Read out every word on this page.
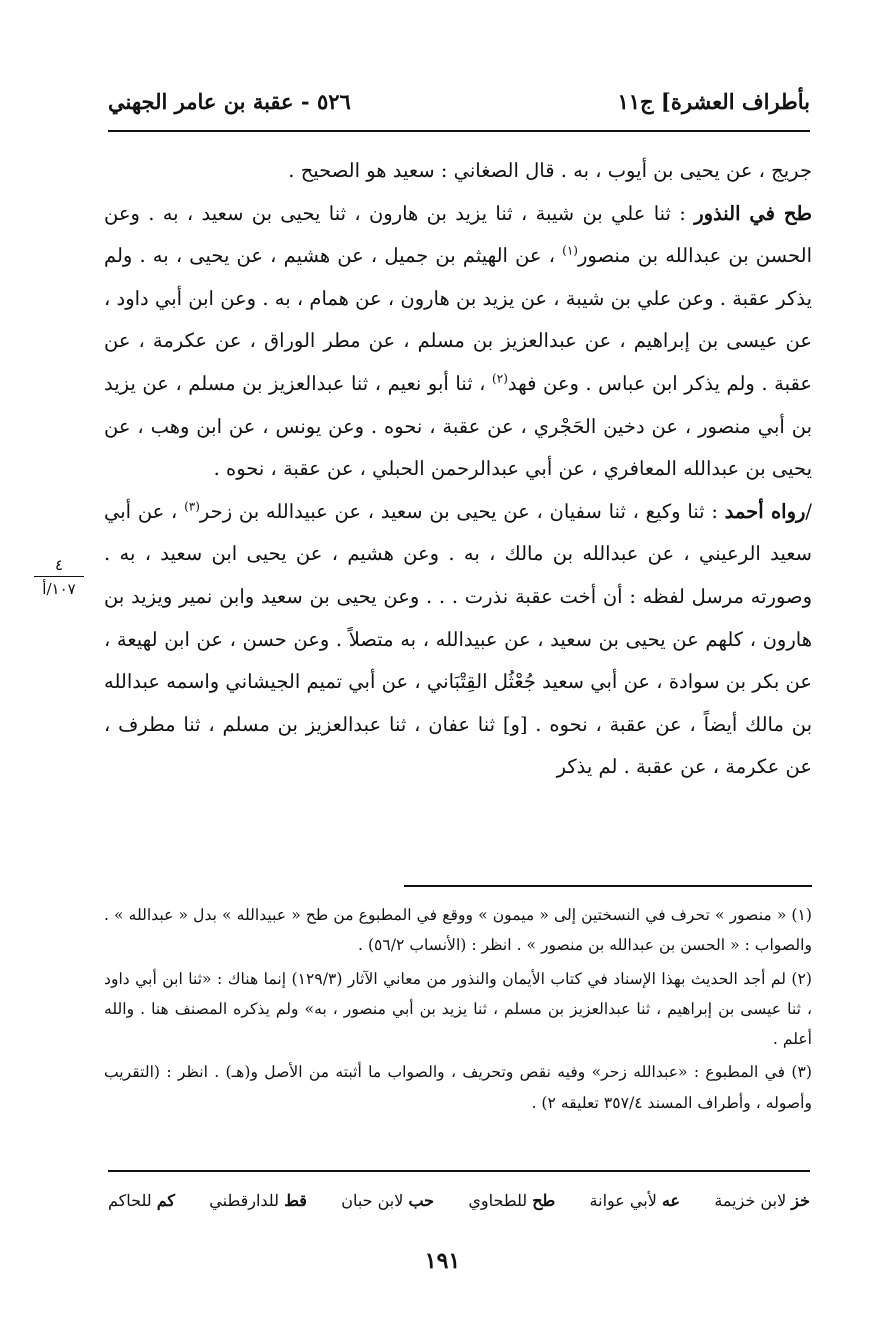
بأطراف العشرة] ج١١
٥٢٦ - عقبة بن عامر الجهني

جريج ، عن يحيى بن أيوب ، به . قال الصغاني : سعيد هو الصحيح .

طح في النذور : ثنا علي بن شيبة ، ثنا يزيد بن هارون ، ثنا يحيى بن سعيد ، به . وعن الحسن بن عبدالله بن منصور$^{(١)}$ ، عن الهيثم بن جميل ، عن هشيم ، عن يحيى ، به . ولم يذكر عقبة . وعن علي بن شيبة ، عن يزيد بن هارون ، عن همام ، به . وعن ابن أبي داود ، عن عيسى بن إبراهيم ، عن عبدالعزيز بن مسلم ، عن مطر الوراق ، عن عكرمة ، عن عقبة . ولم يذكر ابن عباس . وعن فهد$^{(٢)}$ ، ثنا أبو نعيم ، ثنا عبدالعزيز بن مسلم ، عن يزيد بن أبي منصور ، عن دخين الحَجْري ، عن عقبة ، نحوه . وعن يونس ، عن ابن وهب ، عن يحيى بن عبدالله المعافري ، عن أبي عبدالرحمن الحبلي ، عن عقبة ، نحوه .

/رواه أحمد : ثنا وكيع ، ثنا سفيان ، عن يحيى بن سعيد ، عن عبيدالله بن زحر$^{(٣)}$ ، عن أبي سعيد الرعيني ، عن عبدالله بن مالك ، به . وعن هشيم ، عن يحيى ابن سعيد ، به . وصورته مرسل لفظه : أن أخت عقبة نذرت . . . وعن يحيى بن سعيد وابن نمير ويزيد بن هارون ، كلهم عن يحيى بن سعيد ، عن عبيدالله ، به متصلاً . وعن حسن ، عن ابن لهيعة ، عن بكر بن سوادة ، عن أبي سعيد جُعْثُل القِتْبَاني ، عن أبي تميم الجيشاني واسمه عبدالله بن مالك أيضاً ، عن عقبة ، نحوه . [و] ثنا عفان ، ثنا عبدالعزيز بن مسلم ، ثنا مطرف ، عن عكرمة ، عن عقبة . لم يذكر

٤
١٠٧/أ

(١) « منصور » تحرف في النسختين إلى « ميمون » ووقع في المطبوع من طح « عبيدالله » بدل « عبدالله » . والصواب : « الحسن بن عبدالله بن منصور » . انظر : (الأنساب ٥٦/٢) .

(٢) لم أجد الحديث بهذا الإسناد في كتاب الأيمان والنذور من معاني الآثار (١٢٩/٣) إنما هناك : «ثنا ابن أبي داود ، ثنا عيسى بن إبراهيم ، ثنا عبدالعزيز بن مسلم ، ثنا يزيد بن أبي منصور ، به» ولم يذكره المصنف هنا . والله أعلم .

(٣) في المطبوع : «عبدالله زحر» وفيه نقص وتحريف ، والصواب ما أثبته من الأصل و(هـ) . انظر : (التقريب وأصوله ، وأطراف المسند ٣٥٧/٤ تعليقه ٢) .

خز لابن خزيمة
عه لأبي عوانة
طح للطحاوي
حب لابن حبان
قط للدارقطني
كم للحاكم
١٩١
